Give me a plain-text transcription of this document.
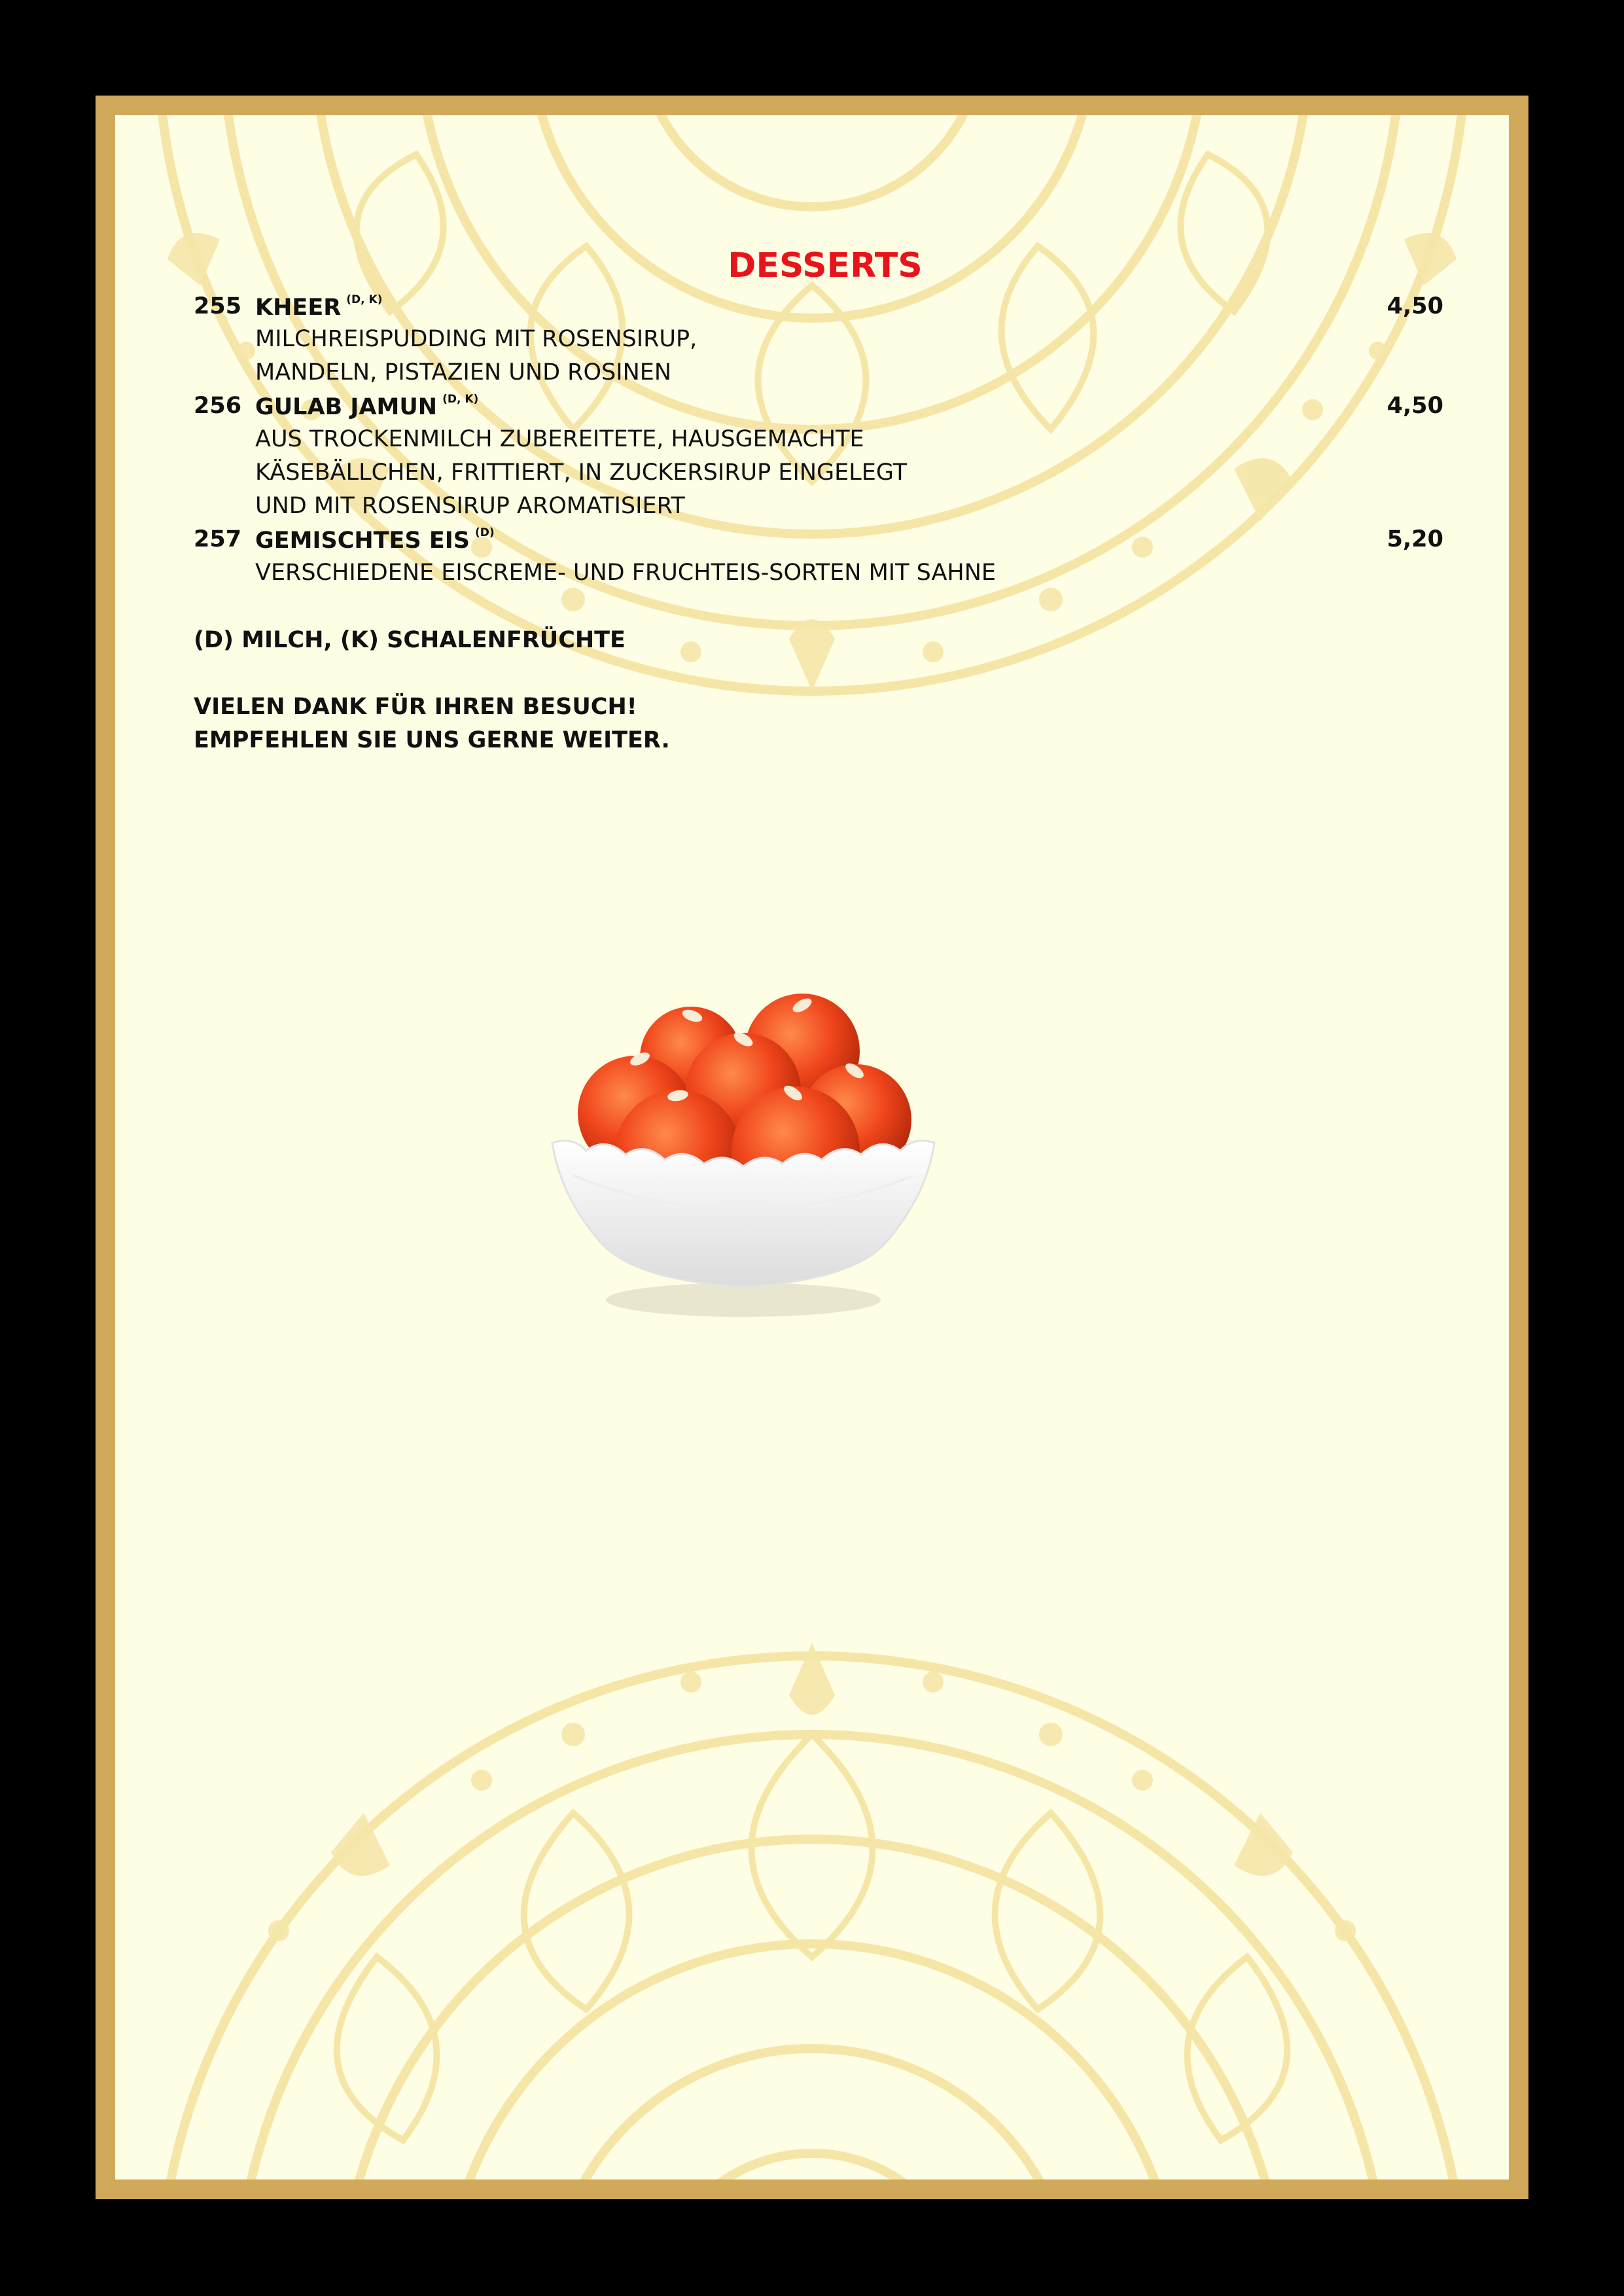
DESSERTS
255 KHEER $^{(D, K)}$	4,50
MILCHREISPUDDING MIT ROSENSIRUP,
MANDELN, PISTAZIEN UND ROSINEN
256 GULAB JAMUN $^{(D, K)}$	4,50
AUS TROCKENMILCH ZUBEREITETE, HAUSGEMACHTE
KÄSEBÄLLCHEN, FRITTIERT, IN ZUCKERSIRUP EINGELEGT
UND MIT ROSENSIRUP AROMATISIERT
257 GEMISCHTES EIS $^{(D)}$	5,20
VERSCHIEDENE EISCREME- UND FRUCHTEIS-SORTEN MIT SAHNE
(D) MILCH, (K) SCHALENFRÜCHTE
VIELEN DANK FÜR IHREN BESUCH!
EMPFEHLEN SIE UNS GERNE WEITER.
